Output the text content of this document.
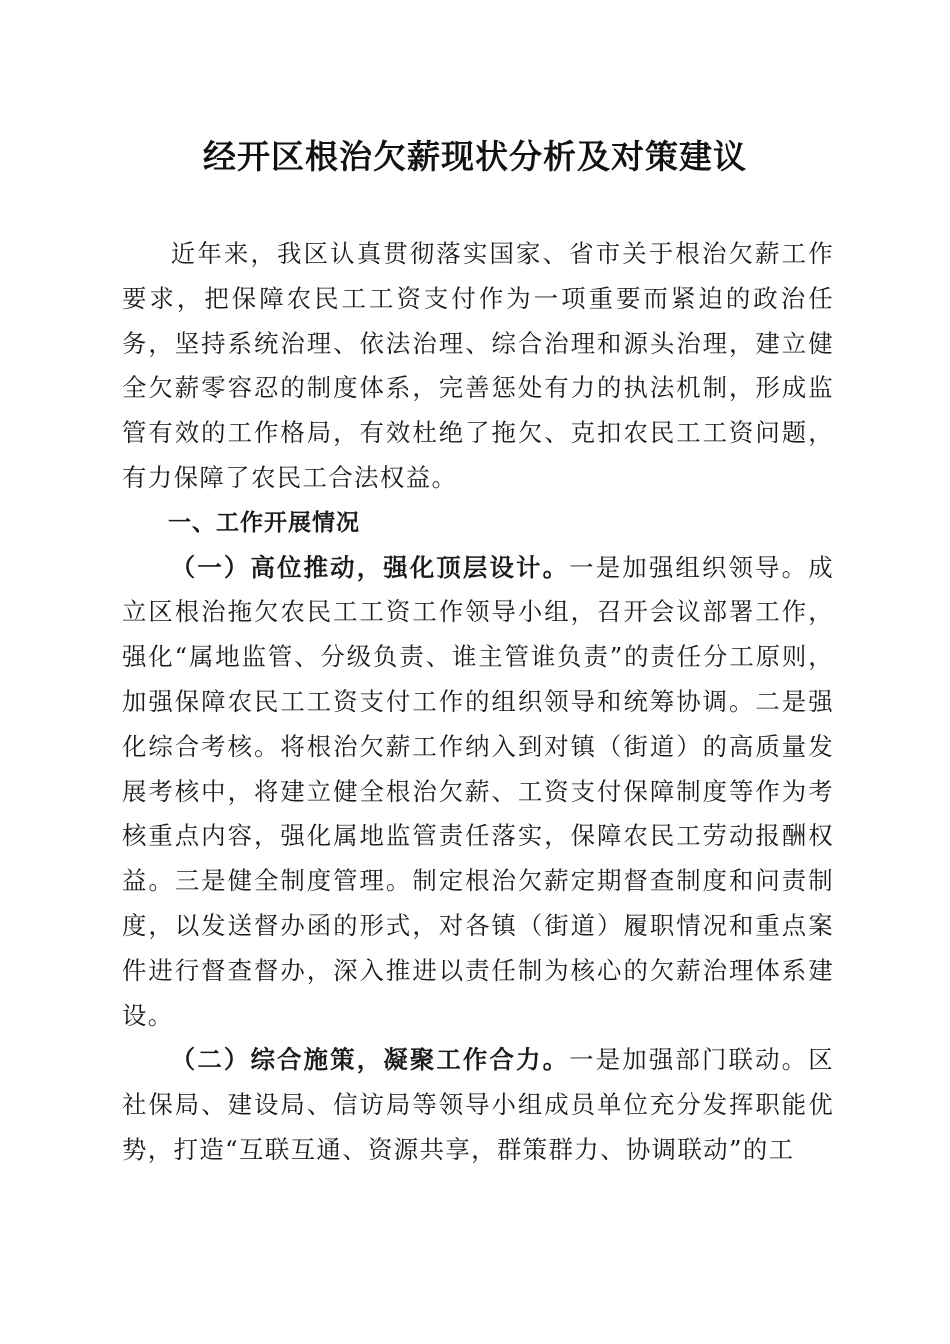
经开区根治欠薪现状分析及对策建议

近年来，我区认真贯彻落实国家、省市关于根治欠薪工作要求，把保障农民工工资支付作为一项重要而紧迫的政治任务，坚持系统治理、依法治理、综合治理和源头治理，建立健全欠薪零容忍的制度体系，完善惩处有力的执法机制，形成监管有效的工作格局，有效杜绝了拖欠、克扣农民工工资问题，有力保障了农民工合法权益。

一、工作开展情况

（一）高位推动，强化顶层设计。一是加强组织领导。成立区根治拖欠农民工工资工作领导小组，召开会议部署工作，强化“属地监管、分级负责、谁主管谁负责”的责任分工原则，加强保障农民工工资支付工作的组织领导和统筹协调。二是强化综合考核。将根治欠薪工作纳入到对镇（街道）的高质量发展考核中，将建立健全根治欠薪、工资支付保障制度等作为考核重点内容，强化属地监管责任落实，保障农民工劳动报酬权益。三是健全制度管理。制定根治欠薪定期督查制度和问责制度，以发送督办函的形式，对各镇（街道）履职情况和重点案件进行督查督办，深入推进以责任制为核心的欠薪治理体系建设。

（二）综合施策，凝聚工作合力。一是加强部门联动。区社保局、建设局、信访局等领导小组成员单位充分发挥职能优势，打造“互联互通、资源共享，群策群力、协调联动”的工
